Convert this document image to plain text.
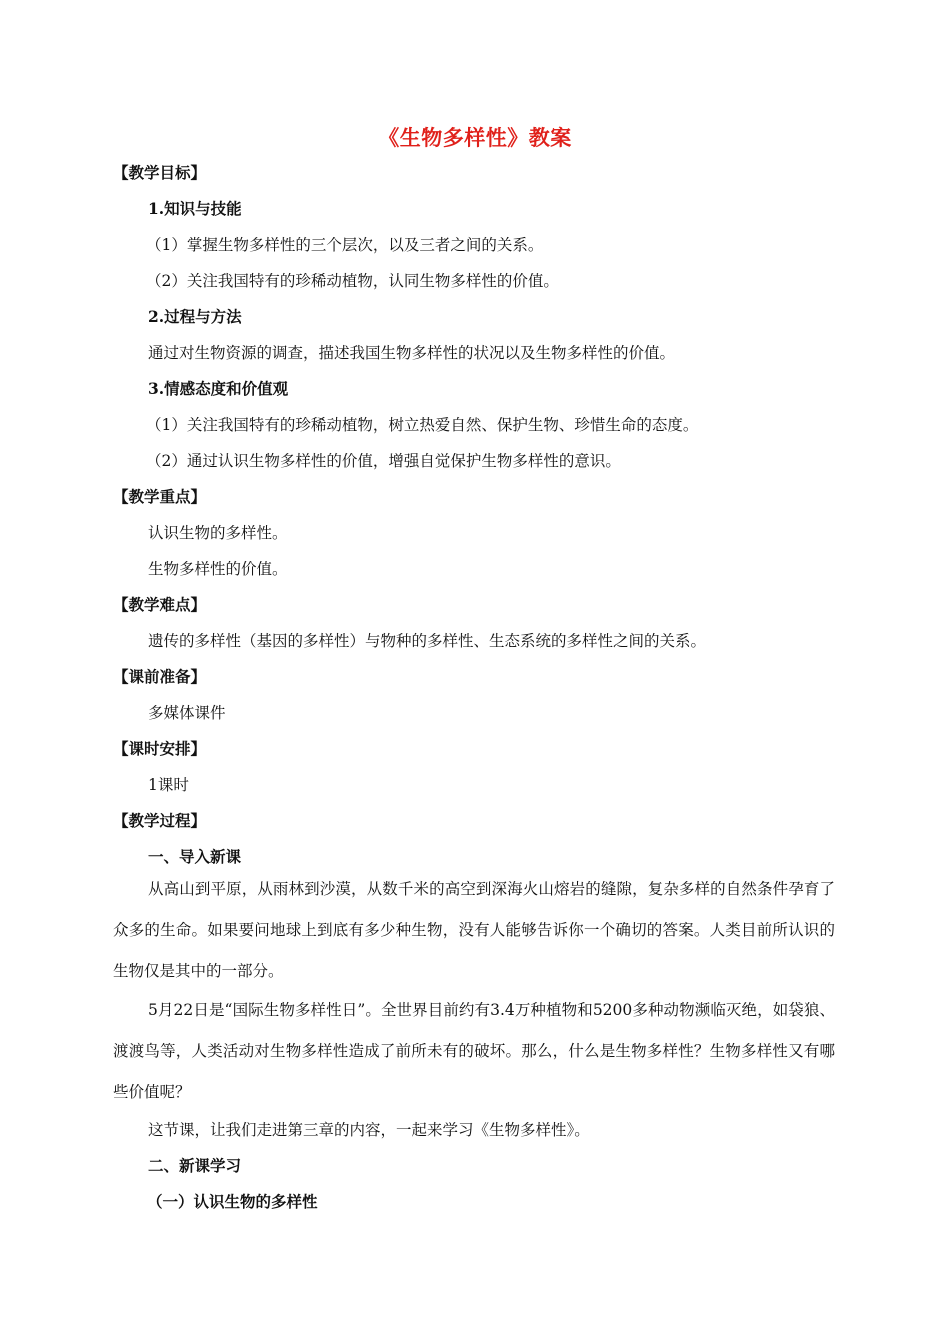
《生物多样性》教案
【教学目标】
1.知识与技能
（1）掌握生物多样性的三个层次，以及三者之间的关系。
（2）关注我国特有的珍稀动植物，认同生物多样性的价值。
2.过程与方法
通过对生物资源的调查，描述我国生物多样性的状况以及生物多样性的价值。
3.情感态度和价值观
（1）关注我国特有的珍稀动植物，树立热爱自然、保护生物、珍惜生命的态度。
（2）通过认识生物多样性的价值，增强自觉保护生物多样性的意识。
【教学重点】
认识生物的多样性。
生物多样性的价值。
【教学难点】
遗传的多样性（基因的多样性）与物种的多样性、生态系统的多样性之间的关系。
【课前准备】
多媒体课件
【课时安排】
1课时
【教学过程】
一、导入新课
从高山到平原，从雨林到沙漠，从数千米的高空到深海火山熔岩的缝隙，复杂多样的自然条件孕育了众多的生命。如果要问地球上到底有多少种生物，没有人能够告诉你一个确切的答案。人类目前所认识的生物仅是其中的一部分。
5月22日是“国际生物多样性日”。全世界目前约有3.4万种植物和5200多种动物濒临灭绝，如袋狼、渡渡鸟等，人类活动对生物多样性造成了前所未有的破坏。那么，什么是生物多样性？生物多样性又有哪些价值呢？
这节课，让我们走进第三章的内容，一起来学习《生物多样性》。
二、新课学习
（一）认识生物的多样性
